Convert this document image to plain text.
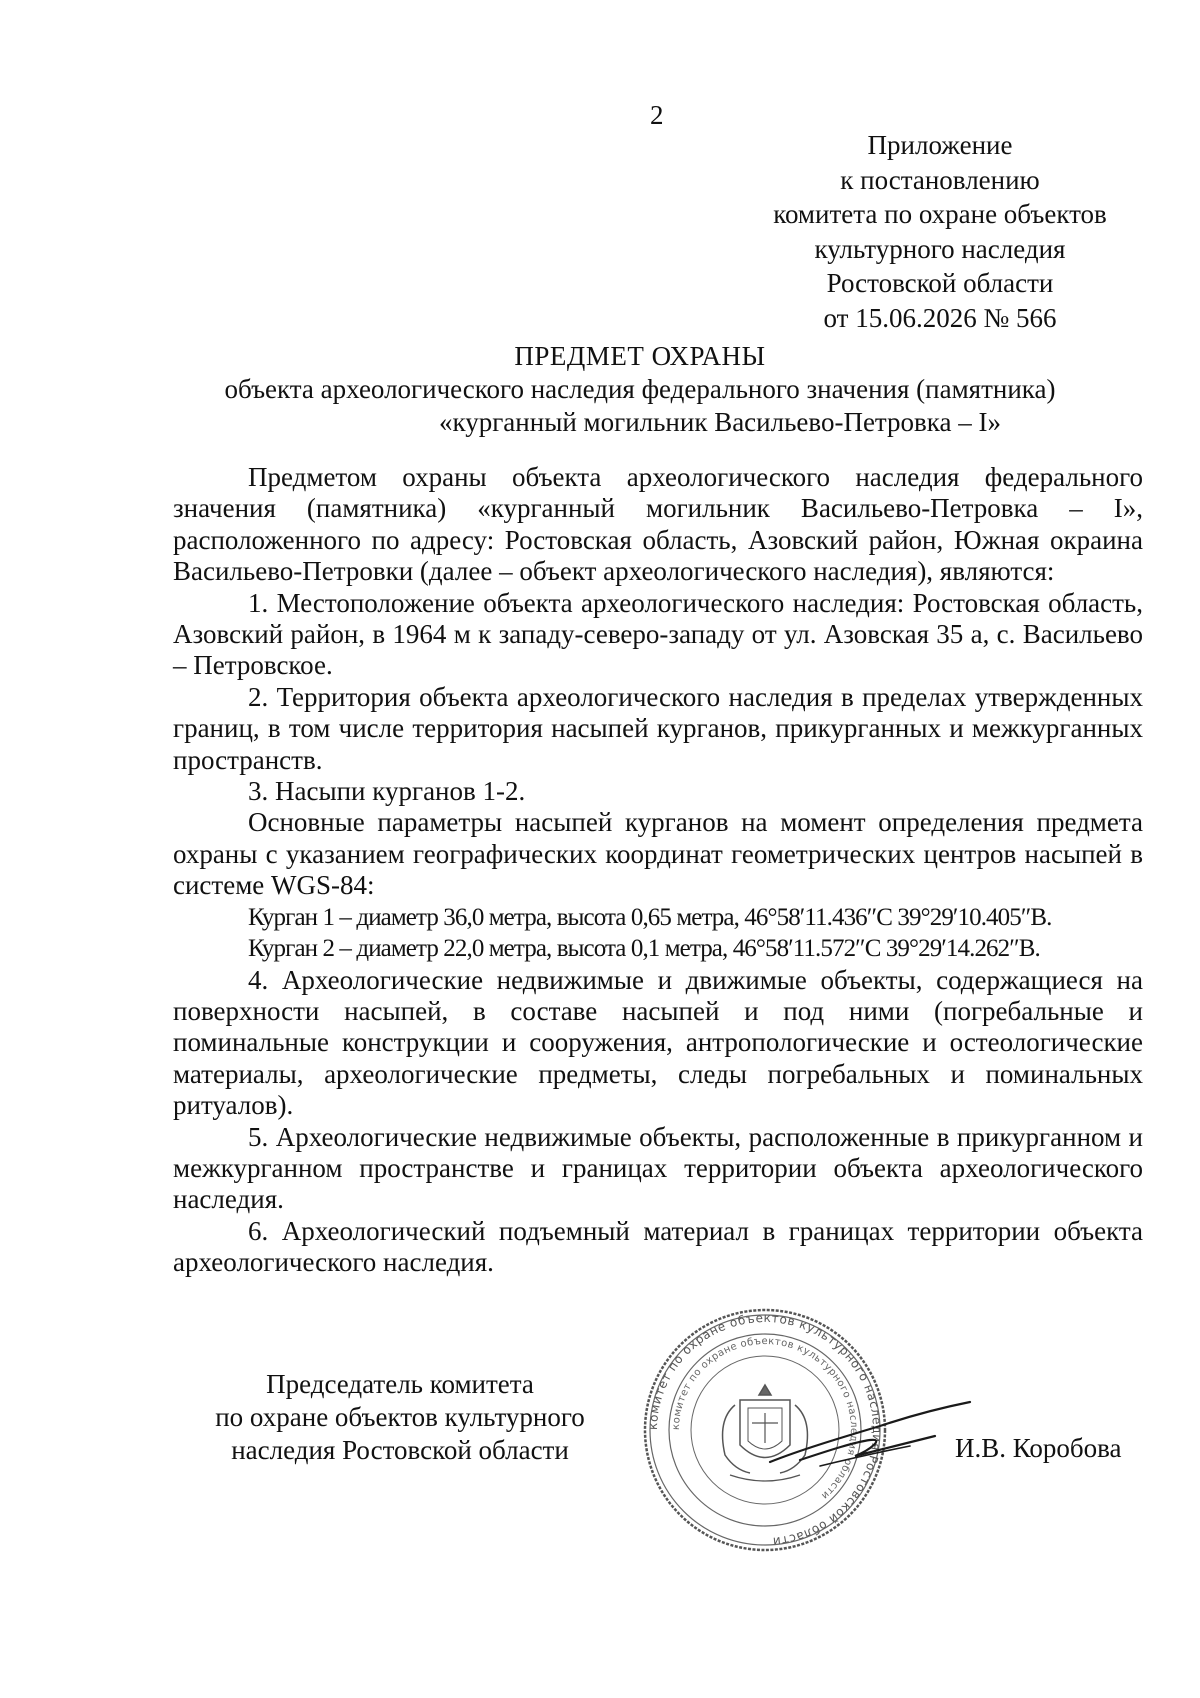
2
Приложение
к постановлению
комитета по охране объектов
культурного наследия
Ростовской области
от 15.06.2026 № 566
ПРЕДМЕТ ОХРАНЫ
объекта археологического наследия федерального значения (памятника)
«курганный могильник Васильево-Петровка – I»

Предметом охраны объекта археологического наследия федерального значения (памятника) «курганный могильник Васильево-Петровка – I», расположенного по адресу: Ростовская область, Азовский район, Южная окраина Васильево-Петровки (далее – объект археологического наследия), являются:

1. Местоположение объекта археологического наследия: Ростовская область, Азовский район, в 1964 м к западу-северо-западу от ул. Азовская 35 а, с. Васильево – Петровское.

2. Территория объекта археологического наследия в пределах утвержденных границ, в том числе территория насыпей курганов, прикурганных и межкурганных пространств.

3. Насыпи курганов 1-2.

Основные параметры насыпей курганов на момент определения предмета охраны с указанием географических координат геометрических центров насыпей в системе WGS-84:

Курган 1 – диаметр 36,0 метра, высота 0,65 метра, 46°58′11.436″С 39°29′10.405″В.

Курган 2 – диаметр 22,0 метра, высота 0,1 метра, 46°58′11.572″С 39°29′14.262″В.

4. Археологические недвижимые и движимые объекты, содержащиеся на поверхности насыпей, в составе насыпей и под ними (погребальные и поминальные конструкции и сооружения, антропологические и остеологические материалы, археологические предметы, следы погребальных и поминальных ритуалов).

5. Археологические недвижимые объекты, расположенные в прикурганном и межкурганном пространстве и границах территории объекта археологического наследия.

6. Археологический подъемный материал в границах территории объекта археологического наследия.

Председатель комитета
по охране объектов культурного
наследия Ростовской области
комитет по охране объектов культурного наследия Ростовской области
комитет по охране объектов культурного наследия области
И.В. Коробова
